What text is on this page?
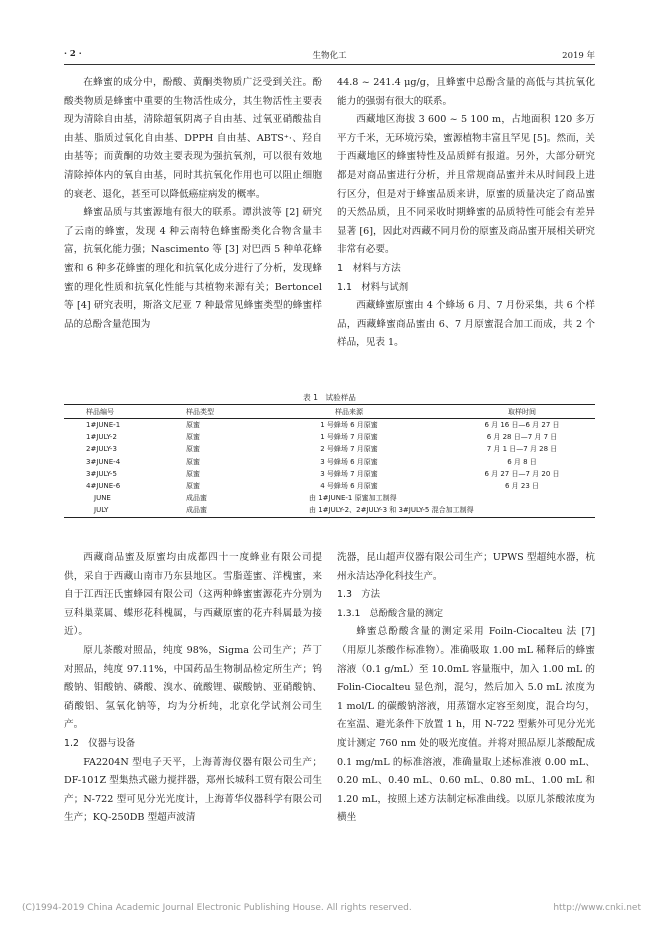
· 2 ·	生物化工	2019 年

在蜂蜜的成分中，酚酸、黄酮类物质广泛受到关注。酚酸类物质是蜂蜜中重要的生物活性成分，其生物活性主要表现为清除自由基，清除超氧阴离子自由基、过氧亚硝酸盐自由基、脂质过氧化自由基、DPPH 自由基、ABTS⁺·、羟自由基等；而黄酮的功效主要表现为强抗氧剂，可以很有效地清除掉体内的氧自由基，同时其抗氧化作用也可以阻止细胞的衰老、退化，甚至可以降低癌症病发的概率。

蜂蜜品质与其蜜源地有很大的联系。谭洪波等 [2] 研究了云南的蜂蜜，发现 4 种云南特色蜂蜜酚类化合物含量丰富，抗氧化能力强；Nascimento 等 [3] 对巴西 5 种单花蜂蜜和 6 种多花蜂蜜的理化和抗氧化成分进行了分析，发现蜂蜜的理化性质和抗氧化性能与其植物来源有关；Bertoncel 等 [4] 研究表明，斯洛文尼亚 7 种最常见蜂蜜类型的蜂蜜样品的总酚含量范围为

44.8 ~ 241.4 μg/g，且蜂蜜中总酚含量的高低与其抗氧化能力的强弱有很大的联系。

西藏地区海拔 3 600 ~ 5 100 m，占地面积 120 多万平方千米，无环境污染，蜜源植物丰富且罕见 [5]。然而，关于西藏地区的蜂蜜特性及品质鲜有报道。另外，大部分研究都是对商品蜜进行分析，并且常规商品蜜并未从时间段上进行区分，但是对于蜂蜜品质来讲，原蜜的质量决定了商品蜜的天然品质，且不同采收时期蜂蜜的品质特性可能会有差异显著 [6]，因此对西藏不同月份的原蜜及商品蜜开展相关研究非常有必要。

1　材料与方法

1.1　材料与试剂

西藏蜂蜜原蜜由 4 个蜂场 6 月、7 月份采集，共 6 个样品，西藏蜂蜜商品蜜由 6、7 月原蜜混合加工而成，共 2 个样品，见表 1。

表 1　试验样品
样品编号	样品类型	样品来源	取样时间
1#JUNE-1	原蜜	1 号蜂场 6 月原蜜	6 月 16 日—6 月 27 日
1#JULY-2	原蜜	1 号蜂场 7 月原蜜	6 月 28 日—7 月 7 日
2#JULY-3	原蜜	2 号蜂场 7 月原蜜	7 月 1 日—7 月 28 日
3#JUNE-4	原蜜	3 号蜂场 6 月原蜜	6 月 8 日
3#JULY-5	原蜜	3 号蜂场 7 月原蜜	6 月 27 日—7 月 20 日
4#JUNE-6	原蜜	4 号蜂场 6 月原蜜	6 月 23 日
JUNE	成品蜜	由 1#JUNE-1 原蜜加工制得	
JULY	成品蜜	由 1#JULY-2、2#JULY-3 和 3#JULY-5 混合加工制得	

西藏商品蜜及原蜜均由成都四十一度蜂业有限公司提供，采自于西藏山南市乃东县地区。雪脂莲蜜、洋槐蜜，来自于江西汪氏蜜蜂园有限公司（这两种蜂蜜蜜源花卉分别为豆科巢菜属、蝶形花科槐属，与西藏原蜜的花卉科属最为接近）。

原儿茶酸对照品，纯度 98%，Sigma 公司生产；芦丁对照品，纯度 97.11%，中国药品生物制品检定所生产；钨酸钠、钼酸钠、磷酸、溴水、硫酸锂、碳酸钠、亚硝酸钠、硝酸铝、氢氧化钠等，均为分析纯，北京化学试剂公司生产。

1.2　仪器与设备

FA2204N 型电子天平，上海菁海仪器有限公司生产；DF-101Z 型集热式磁力搅拌器，郑州长城科工贸有限公司生产；N-722 型可见分光光度计，上海菁华仪器科学有限公司生产；KQ-250DB 型超声波清

洗器，昆山超声仪器有限公司生产；UPWS 型超纯水器，杭州永洁达净化科技生产。

1.3　方法

1.3.1　总酚酸含量的测定

蜂蜜总酚酸含量的测定采用 Foiln-Ciocalteu 法 [7]（用原儿茶酸作标准物）。准确吸取 1.00 mL 稀释后的蜂蜜溶液（0.1 g/mL）至 10.0mL 容量瓶中，加入 1.00 mL 的 Folin-Ciocalteu 显色剂，混匀，然后加入 5.0 mL 浓度为 1 mol/L 的碳酸钠溶液，用蒸馏水定容至刻度，混合均匀，在室温、避光条件下放置 1 h，用 N-722 型紫外可见分光光度计测定 760 nm 处的吸光度值。并将对照品原儿茶酸配成 0.1 mg/mL 的标准溶液，准确量取上述标准液 0.00 mL、0.20 mL、0.40 mL、0.60 mL、0.80 mL、1.00 mL 和 1.20 mL，按照上述方法制定标准曲线。以原儿茶酸浓度为横坐

(C)1994-2019 China Academic Journal Electronic Publishing House. All rights reserved.	http://www.cnki.net
